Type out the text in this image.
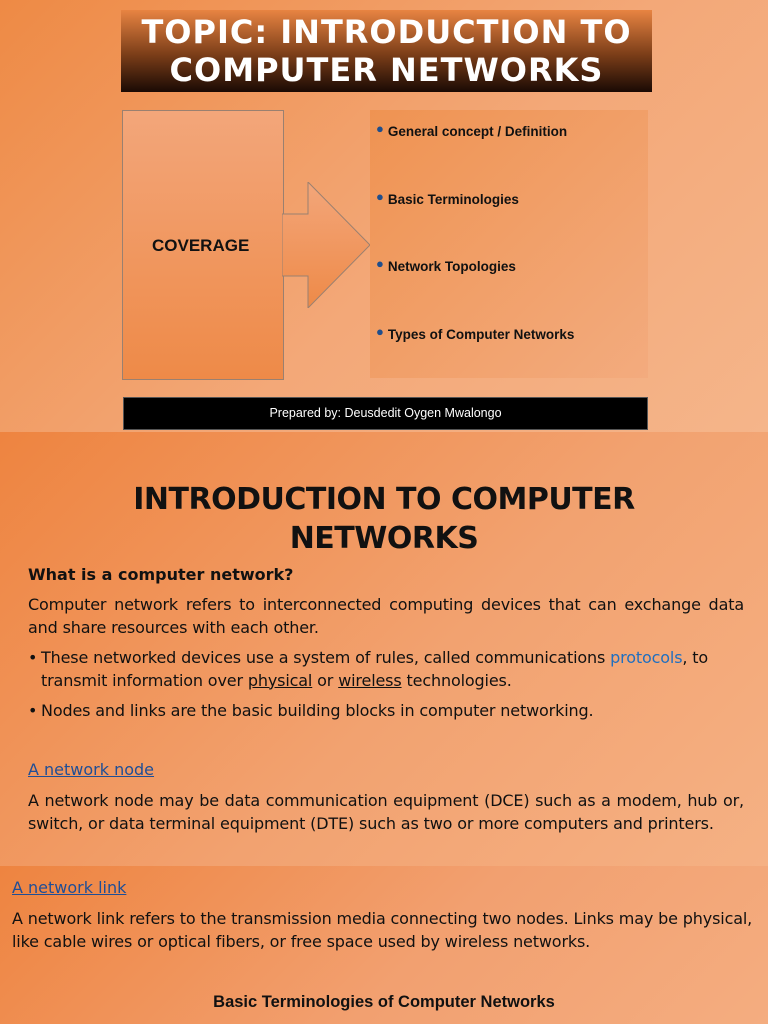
TOPIC: INTRODUCTION TO
COMPUTER NETWORKS
COVERAGE
● General concept / Definition
● Basic Terminologies
● Network Topologies
● Types of Computer Networks
Prepared by: Deusdedit Oygen Mwalongo
INTRODUCTION TO COMPUTER
NETWORKS
What is a computer network?
Computer network refers to interconnected computing devices that can exchange data and share resources with each other.
• These networked devices use a system of rules, called communications protocols, to transmit information over physical or wireless technologies.
• Nodes and links are the basic building blocks in computer networking.
A network node
A network node may be data communication equipment (DCE) such as a modem, hub or, switch, or data terminal equipment (DTE) such as two or more computers and printers.
A network link
A network link refers to the transmission media connecting two nodes. Links may be physical, like cable wires or optical fibers, or free space used by wireless networks.
Basic Terminologies of Computer Networks
